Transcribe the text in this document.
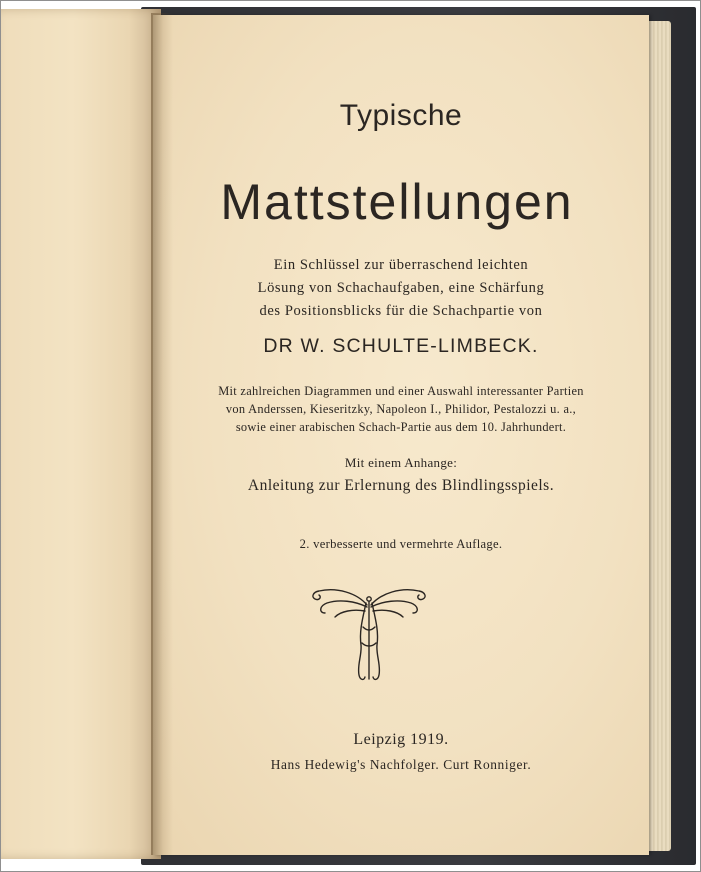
Typische
Mattstellungen
Ein Schlüssel zur überraschend leichten
Lösung von Schachaufgaben, eine Schärfung
des Positionsblicks für die Schachpartie von
DR W. SCHULTE-LIMBECK.
Mit zahlreichen Diagrammen und einer Auswahl interessanter Partien
von Anderssen, Kieseritzky, Napoleon I., Philidor, Pestalozzi u. a.,
sowie einer arabischen Schach-Partie aus dem 10. Jahrhundert.
Mit einem Anhange:
Anleitung zur Erlernung des Blindlingsspiels.
2. verbesserte und vermehrte Auflage.
Leipzig 1919.
Hans Hedewig's Nachfolger. Curt Ronniger.
